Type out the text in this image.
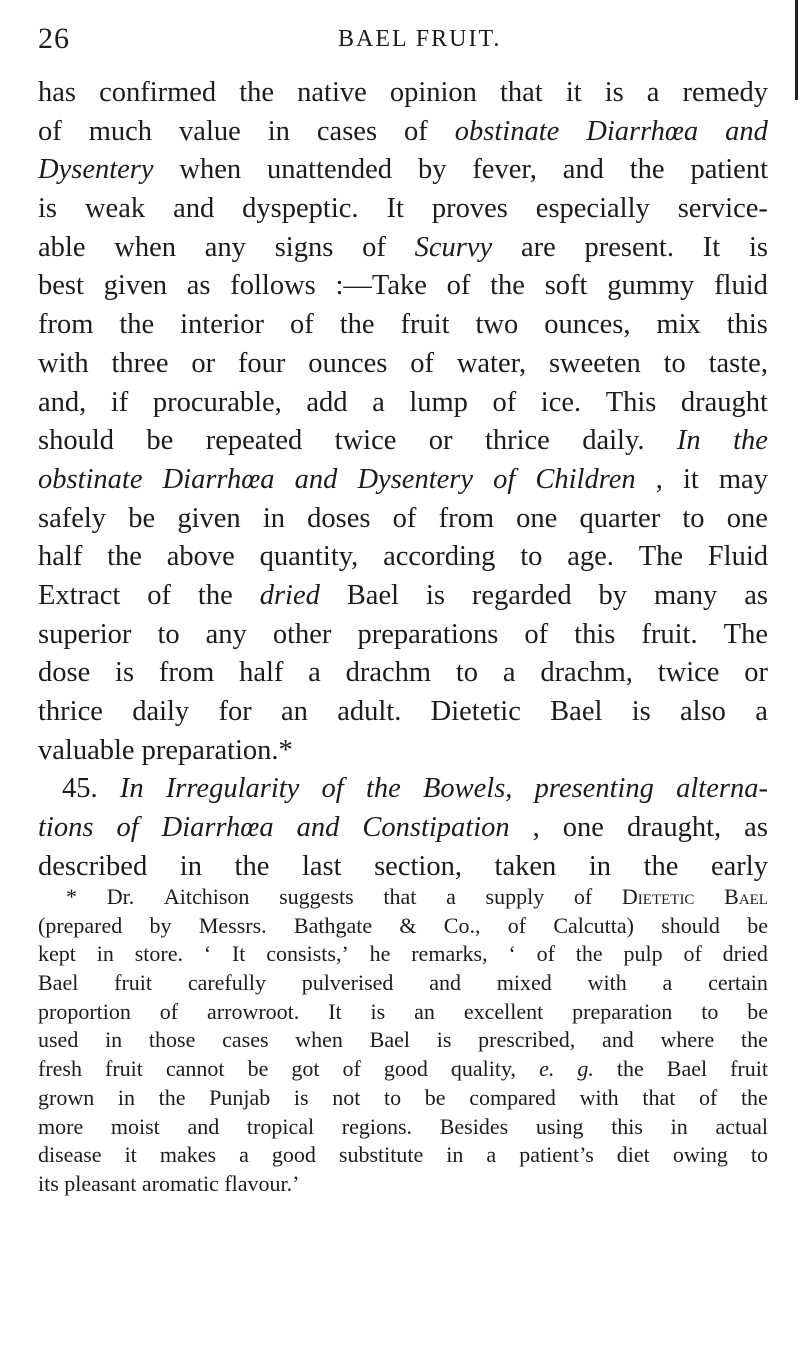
26	BAEL FRUIT.
has confirmed the native opinion that it is a remedy
of much value in cases of obstinate Diarrhœa and
Dysentery when unattended by fever, and the patient
is weak and dyspeptic. It proves especially service-
able when any signs of Scurvy are present. It is
best given as follows :—Take of the soft gummy fluid
from the interior of the fruit two ounces, mix this
with three or four ounces of water, sweeten to taste,
and, if procurable, add a lump of ice. This draught
should be repeated twice or thrice daily. In the
obstinate Diarrhœa and Dysentery of Children , it may
safely be given in doses of from one quarter to one
half the above quantity, according to age. The Fluid
Extract of the dried Bael is regarded by many as
superior to any other preparations of this fruit. The
dose is from half a drachm to a drachm, twice or
thrice daily for an adult. Dietetic Bael is also a
valuable preparation.*
45. In Irregularity of the Bowels, presenting alterna-
tions of Diarrhœa and Constipation , one draught, as
described in the last section, taken in the early
* Dr. Aitchison suggests that a supply of Dietetic Bael
(prepared by Messrs. Bathgate & Co., of Calcutta) should be
kept in store. ‘ It consists,’ he remarks, ‘ of the pulp of dried
Bael fruit carefully pulverised and mixed with a certain
proportion of arrowroot. It is an excellent preparation to be
used in those cases when Bael is prescribed, and where the
fresh fruit cannot be got of good quality, e. g. the Bael fruit
grown in the Punjab is not to be compared with that of the
more moist and tropical regions. Besides using this in actual
disease it makes a good substitute in a patient’s diet owing to
its pleasant aromatic flavour.’
